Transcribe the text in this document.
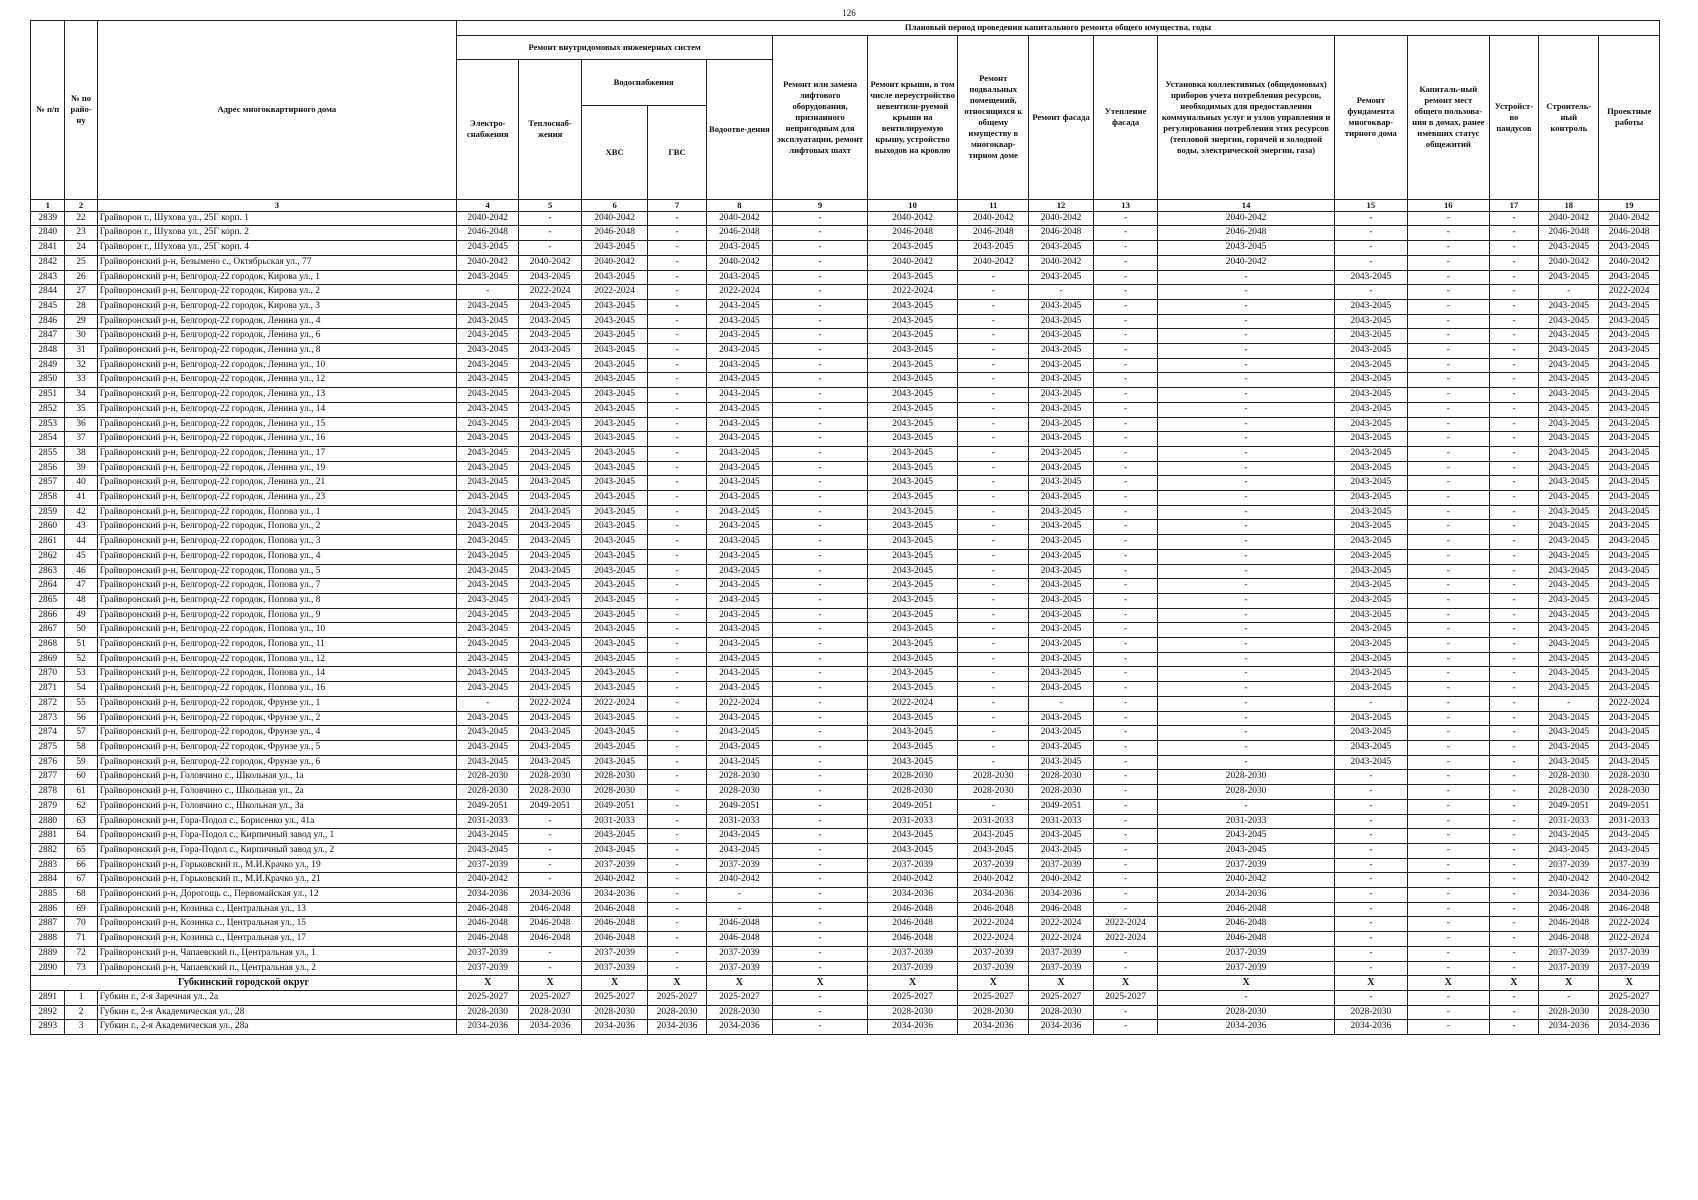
126
№ п/п	№ по райо-ну	Адрес многоквартирного дома	Плановый период проведения капитального ремонта общего имущества, годы															
			Ремонт внутридомовых инженерных систем					Ремонт или замена лифтового оборудования, признанного непригодным для эксплуатации, ремонт лифтовых шахт	Ремонт крыши, в том числе переустройство невентили-руемой крыши на вентилируемую крышу, устройство выходов на кровлю	Ремонт подвальных помещений, относящихся к общему имуществу в многоквар-тирном доме	Ремонт фасада	Утепление фасада	Установка коллективных (общедомовых) приборов учета потребления ресурсов, необходимых для предоставления коммунальных услуг и узлов управления и регулирования потребления этих ресурсов (тепловой энергии, горячей и холодной воды, электрической энергии, газа)	Ремонт фундамента многоквар-тирного дома	Капиталь-ный ремонт мест общего пользова-ния в домах, ранее имевших статус общежитий	Устройст-во пандусов	Строитель-ный контроль	Проектные работы
			Электро-снабжения	Теплоснаб-жения	Водоснабжения		Водоотве-дения											
					ХВС	ГВС												
1	2	3	4	5	6	7	8	9	10	11	12	13	14	15	16	17	18	19
2839	22	Грайворон г., Шухова ул., 25Г корп. 1	2040-2042	-	2040-2042	-	2040-2042	-	2040-2042	2040-2042	2040-2042	-	2040-2042	-	-	-	2040-2042	2040-2042
2840	23	Грайворон г., Шухова ул., 25Г корп. 2	2046-2048	-	2046-2048	-	2046-2048	-	2046-2048	2046-2048	2046-2048	-	2046-2048	-	-	-	2046-2048	2046-2048
2841	24	Грайворон г., Шухова ул., 25Г корп. 4	2043-2045	-	2043-2045	-	2043-2045	-	2043-2045	2043-2045	2043-2045	-	2043-2045	-	-	-	2043-2045	2043-2045
2842	25	Грайворонский р-н, Безымено с., Октябрьская ул., 77	2040-2042	2040-2042	2040-2042	-	2040-2042	-	2040-2042	2040-2042	2040-2042	-	2040-2042	-	-	-	2040-2042	2040-2042
2843	26	Грайворонский р-н, Белгород-22 городок, Кирова ул., 1	2043-2045	2043-2045	2043-2045	-	2043-2045	-	2043-2045	-	2043-2045	-	-	2043-2045	-	-	2043-2045	2043-2045
2844	27	Грайворонский р-н, Белгород-22 городок, Кирова ул., 2	-	2022-2024	2022-2024	-	2022-2024	-	2022-2024	-	-	-	-	-	-	-	-	2022-2024
2845	28	Грайворонский р-н, Белгород-22 городок, Кирова ул., 3	2043-2045	2043-2045	2043-2045	-	2043-2045	-	2043-2045	-	2043-2045	-	-	2043-2045	-	-	2043-2045	2043-2045
2846	29	Грайворонский р-н, Белгород-22 городок, Ленина ул., 4	2043-2045	2043-2045	2043-2045	-	2043-2045	-	2043-2045	-	2043-2045	-	-	2043-2045	-	-	2043-2045	2043-2045
2847	30	Грайворонский р-н, Белгород-22 городок, Ленина ул., 6	2043-2045	2043-2045	2043-2045	-	2043-2045	-	2043-2045	-	2043-2045	-	-	2043-2045	-	-	2043-2045	2043-2045
2848	31	Грайворонский р-н, Белгород-22 городок, Ленина ул., 8	2043-2045	2043-2045	2043-2045	-	2043-2045	-	2043-2045	-	2043-2045	-	-	2043-2045	-	-	2043-2045	2043-2045
2849	32	Грайворонский р-н, Белгород-22 городок, Ленина ул., 10	2043-2045	2043-2045	2043-2045	-	2043-2045	-	2043-2045	-	2043-2045	-	-	2043-2045	-	-	2043-2045	2043-2045
2850	33	Грайворонский р-н, Белгород-22 городок, Ленина ул., 12	2043-2045	2043-2045	2043-2045	-	2043-2045	-	2043-2045	-	2043-2045	-	-	2043-2045	-	-	2043-2045	2043-2045
2851	34	Грайворонский р-н, Белгород-22 городок, Ленина ул., 13	2043-2045	2043-2045	2043-2045	-	2043-2045	-	2043-2045	-	2043-2045	-	-	2043-2045	-	-	2043-2045	2043-2045
2852	35	Грайворонский р-н, Белгород-22 городок, Ленина ул., 14	2043-2045	2043-2045	2043-2045	-	2043-2045	-	2043-2045	-	2043-2045	-	-	2043-2045	-	-	2043-2045	2043-2045
2853	36	Грайворонский р-н, Белгород-22 городок, Ленина ул., 15	2043-2045	2043-2045	2043-2045	-	2043-2045	-	2043-2045	-	2043-2045	-	-	2043-2045	-	-	2043-2045	2043-2045
2854	37	Грайворонский р-н, Белгород-22 городок, Ленина ул., 16	2043-2045	2043-2045	2043-2045	-	2043-2045	-	2043-2045	-	2043-2045	-	-	2043-2045	-	-	2043-2045	2043-2045
2855	38	Грайворонский р-н, Белгород-22 городок, Ленина ул., 17	2043-2045	2043-2045	2043-2045	-	2043-2045	-	2043-2045	-	2043-2045	-	-	2043-2045	-	-	2043-2045	2043-2045
2856	39	Грайворонский р-н, Белгород-22 городок, Ленина ул., 19	2043-2045	2043-2045	2043-2045	-	2043-2045	-	2043-2045	-	2043-2045	-	-	2043-2045	-	-	2043-2045	2043-2045
2857	40	Грайворонский р-н, Белгород-22 городок, Ленина ул., 21	2043-2045	2043-2045	2043-2045	-	2043-2045	-	2043-2045	-	2043-2045	-	-	2043-2045	-	-	2043-2045	2043-2045
2858	41	Грайворонский р-н, Белгород-22 городок, Ленина ул., 23	2043-2045	2043-2045	2043-2045	-	2043-2045	-	2043-2045	-	2043-2045	-	-	2043-2045	-	-	2043-2045	2043-2045
2859	42	Грайворонский р-н, Белгород-22 городок, Попова ул., 1	2043-2045	2043-2045	2043-2045	-	2043-2045	-	2043-2045	-	2043-2045	-	-	2043-2045	-	-	2043-2045	2043-2045
2860	43	Грайворонский р-н, Белгород-22 городок, Попова ул., 2	2043-2045	2043-2045	2043-2045	-	2043-2045	-	2043-2045	-	2043-2045	-	-	2043-2045	-	-	2043-2045	2043-2045
2861	44	Грайворонский р-н, Белгород-22 городок, Попова ул., 3	2043-2045	2043-2045	2043-2045	-	2043-2045	-	2043-2045	-	2043-2045	-	-	2043-2045	-	-	2043-2045	2043-2045
2862	45	Грайворонский р-н, Белгород-22 городок, Попова ул., 4	2043-2045	2043-2045	2043-2045	-	2043-2045	-	2043-2045	-	2043-2045	-	-	2043-2045	-	-	2043-2045	2043-2045
2863	46	Грайворонский р-н, Белгород-22 городок, Попова ул., 5	2043-2045	2043-2045	2043-2045	-	2043-2045	-	2043-2045	-	2043-2045	-	-	2043-2045	-	-	2043-2045	2043-2045
2864	47	Грайворонский р-н, Белгород-22 городок, Попова ул., 7	2043-2045	2043-2045	2043-2045	-	2043-2045	-	2043-2045	-	2043-2045	-	-	2043-2045	-	-	2043-2045	2043-2045
2865	48	Грайворонский р-н, Белгород-22 городок, Попова ул., 8	2043-2045	2043-2045	2043-2045	-	2043-2045	-	2043-2045	-	2043-2045	-	-	2043-2045	-	-	2043-2045	2043-2045
2866	49	Грайворонский р-н, Белгород-22 городок, Попова ул., 9	2043-2045	2043-2045	2043-2045	-	2043-2045	-	2043-2045	-	2043-2045	-	-	2043-2045	-	-	2043-2045	2043-2045
2867	50	Грайворонский р-н, Белгород-22 городок, Попова ул., 10	2043-2045	2043-2045	2043-2045	-	2043-2045	-	2043-2045	-	2043-2045	-	-	2043-2045	-	-	2043-2045	2043-2045
2868	51	Грайворонский р-н, Белгород-22 городок, Попова ул., 11	2043-2045	2043-2045	2043-2045	-	2043-2045	-	2043-2045	-	2043-2045	-	-	2043-2045	-	-	2043-2045	2043-2045
2869	52	Грайворонский р-н, Белгород-22 городок, Попова ул., 12	2043-2045	2043-2045	2043-2045	-	2043-2045	-	2043-2045	-	2043-2045	-	-	2043-2045	-	-	2043-2045	2043-2045
2870	53	Грайворонский р-н, Белгород-22 городок, Попова ул., 14	2043-2045	2043-2045	2043-2045	-	2043-2045	-	2043-2045	-	2043-2045	-	-	2043-2045	-	-	2043-2045	2043-2045
2871	54	Грайворонский р-н, Белгород-22 городок, Попова ул., 16	2043-2045	2043-2045	2043-2045	-	2043-2045	-	2043-2045	-	2043-2045	-	-	2043-2045	-	-	2043-2045	2043-2045
2872	55	Грайворонский р-н, Белгород-22 городок, Фрунзе ул., 1	-	2022-2024	2022-2024	-	2022-2024	-	2022-2024	-	-	-	-	-	-	-	-	2022-2024
2873	56	Грайворонский р-н, Белгород-22 городок, Фрунзе ул., 2	2043-2045	2043-2045	2043-2045	-	2043-2045	-	2043-2045	-	2043-2045	-	-	2043-2045	-	-	2043-2045	2043-2045
2874	57	Грайворонский р-н, Белгород-22 городок, Фрунзе ул., 4	2043-2045	2043-2045	2043-2045	-	2043-2045	-	2043-2045	-	2043-2045	-	-	2043-2045	-	-	2043-2045	2043-2045
2875	58	Грайворонский р-н, Белгород-22 городок, Фрунзе ул., 5	2043-2045	2043-2045	2043-2045	-	2043-2045	-	2043-2045	-	2043-2045	-	-	2043-2045	-	-	2043-2045	2043-2045
2876	59	Грайворонский р-н, Белгород-22 городок, Фрунзе ул., 6	2043-2045	2043-2045	2043-2045	-	2043-2045	-	2043-2045	-	2043-2045	-	-	2043-2045	-	-	2043-2045	2043-2045
2877	60	Грайворонский р-н, Головчино с., Школьная ул., 1а	2028-2030	2028-2030	2028-2030	-	2028-2030	-	2028-2030	2028-2030	2028-2030	-	2028-2030	-	-	-	2028-2030	2028-2030
2878	61	Грайворонский р-н, Головчино с., Школьная ул., 2а	2028-2030	2028-2030	2028-2030	-	2028-2030	-	2028-2030	2028-2030	2028-2030	-	2028-2030	-	-	-	2028-2030	2028-2030
2879	62	Грайворонский р-н, Головчино с., Школьная ул., 3а	2049-2051	2049-2051	2049-2051	-	2049-2051	-	2049-2051	-	2049-2051	-	-	-	-	-	2049-2051	2049-2051
2880	63	Грайворонский р-н, Гора-Подол с., Борисенко ул., 41а	2031-2033	-	2031-2033	-	2031-2033	-	2031-2033	2031-2033	2031-2033	-	2031-2033	-	-	-	2031-2033	2031-2033
2881	64	Грайворонский р-н, Гора-Подол с., Кирпичный завод ул., 1	2043-2045	-	2043-2045	-	2043-2045	-	2043-2045	2043-2045	2043-2045	-	2043-2045	-	-	-	2043-2045	2043-2045
2882	65	Грайворонский р-н, Гора-Подол с., Кирпичный завод ул., 2	2043-2045	-	2043-2045	-	2043-2045	-	2043-2045	2043-2045	2043-2045	-	2043-2045	-	-	-	2043-2045	2043-2045
2883	66	Грайворонский р-н, Горьковский п., М.И.Крачко ул., 19	2037-2039	-	2037-2039	-	2037-2039	-	2037-2039	2037-2039	2037-2039	-	2037-2039	-	-	-	2037-2039	2037-2039
2884	67	Грайворонский р-н, Горьковский п., М.И.Крачко ул., 21	2040-2042	-	2040-2042	-	2040-2042	-	2040-2042	2040-2042	2040-2042	-	2040-2042	-	-	-	2040-2042	2040-2042
2885	68	Грайворонский р-н, Дорогощь с., Первомайская ул., 12	2034-2036	2034-2036	2034-2036	-	-	-	2034-2036	2034-2036	2034-2036	-	2034-2036	-	-	-	2034-2036	2034-2036
2886	69	Грайворонский р-н, Козинка с., Центральная ул., 13	2046-2048	2046-2048	2046-2048	-	-	-	2046-2048	2046-2048	2046-2048	-	2046-2048	-	-	-	2046-2048	2046-2048
2887	70	Грайворонский р-н, Козинка с., Центральная ул., 15	2046-2048	2046-2048	2046-2048	-	2046-2048	-	2046-2048	2022-2024	2022-2024	2022-2024	2046-2048	-	-	-	2046-2048	2022-2024
2888	71	Грайворонский р-н, Козинка с., Центральная ул., 17	2046-2048	2046-2048	2046-2048	-	2046-2048	-	2046-2048	2022-2024	2022-2024	2022-2024	2046-2048	-	-	-	2046-2048	2022-2024
2889	72	Грайворонский р-н, Чапаевский п., Центральная ул., 1	2037-2039	-	2037-2039	-	2037-2039	-	2037-2039	2037-2039	2037-2039	-	2037-2039	-	-	-	2037-2039	2037-2039
2890	73	Грайворонский р-н, Чапаевский п., Центральная ул., 2	2037-2039	-	2037-2039	-	2037-2039	-	2037-2039	2037-2039	2037-2039	-	2037-2039	-	-	-	2037-2039	2037-2039
Губкинский городской округ			X	X	X	X	X	X	X	X	X	X	X	X	X	X	X	X
2891	1	Губкин г., 2-я Заречная ул., 2а	2025-2027	2025-2027	2025-2027	2025-2027	2025-2027	-	2025-2027	2025-2027	2025-2027	2025-2027	-	-	-	-	-	2025-2027
2892	2	Губкин г., 2-я Академическая ул., 28	2028-2030	2028-2030	2028-2030	2028-2030	2028-2030	-	2028-2030	2028-2030	2028-2030	-	2028-2030	2028-2030	-	-	2028-2030	2028-2030
2893	3	Губкин г., 2-я Академическая ул., 28а	2034-2036	2034-2036	2034-2036	2034-2036	2034-2036	-	2034-2036	2034-2036	2034-2036	-	2034-2036	2034-2036	-	-	2034-2036	2034-2036
